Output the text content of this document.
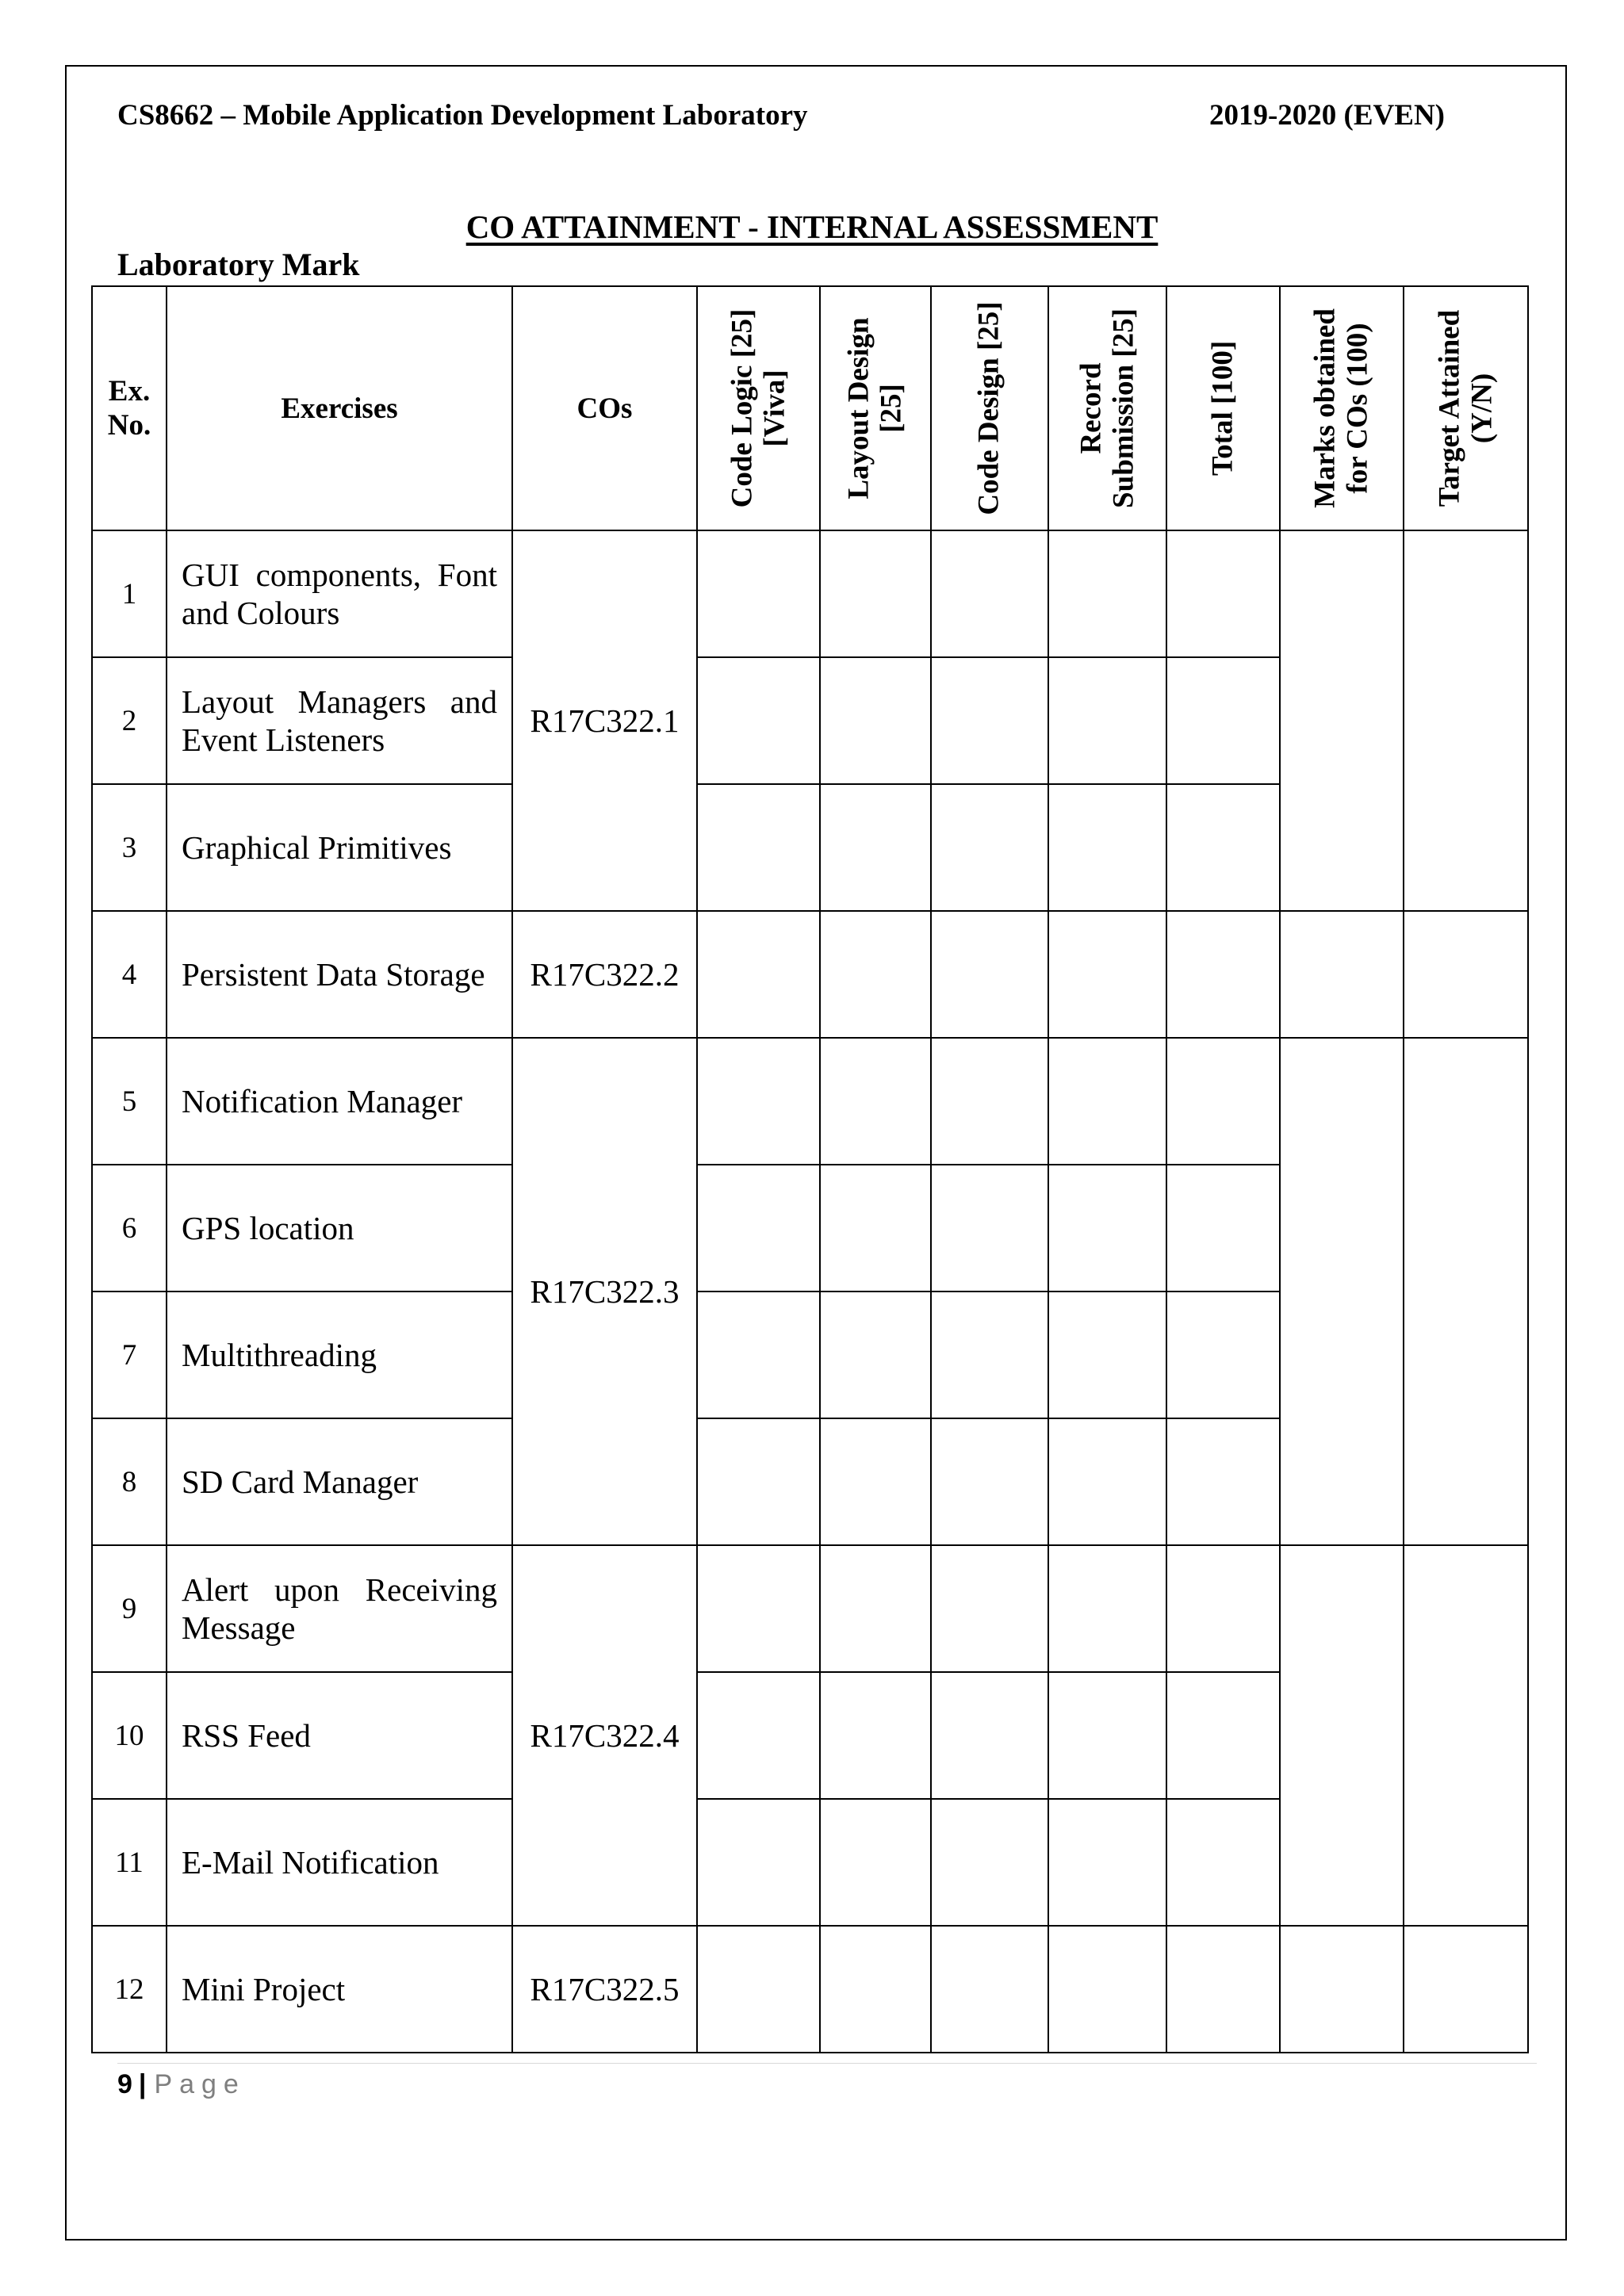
CS8662 – Mobile Application Development Laboratory	2019-2020 (EVEN)
CO ATTAINMENT - INTERNAL ASSESSMENT
Laboratory Mark
Ex. No.	Exercises	COs	Code Logic [25] [Viva]	Layout Design [25]	Code Design [25]	Record Submission [25]	Total [100]	Marks obtained for COs (100)	Target Attained (Y/N)

1	GUI components, Font and Colours	R17C322.1							
2	Layout Managers and Event Listeners								
3	Graphical Primitives								
4	Persistent Data Storage	R17C322.2							
5	Notification Manager	R17C322.3							
6	GPS location								
7	Multithreading								
8	SD Card Manager								
9	Alert upon Receiving Message	R17C322.4							
10	RSS Feed								
11	E-Mail Notification								
12	Mini Project	R17C322.5							
9 | Page
